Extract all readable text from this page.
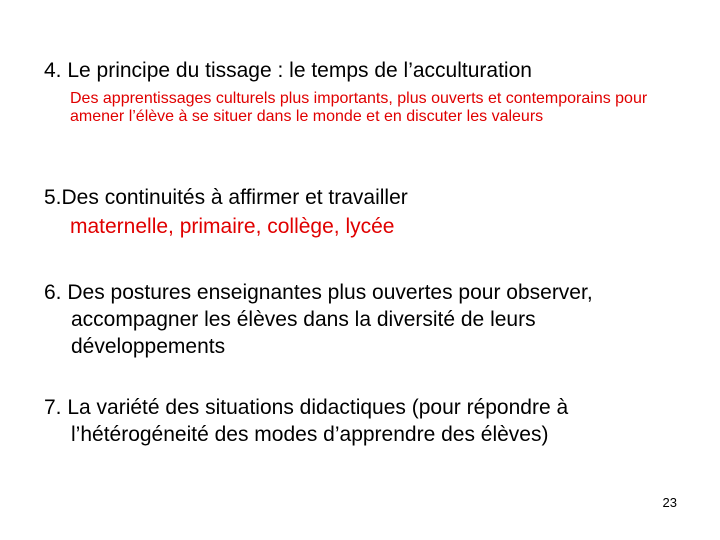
4. Le principe du tissage : le temps de l’acculturation

Des apprentissages culturels plus importants, plus ouverts et contemporains pour amener l’élève à se situer dans le monde et en discuter les valeurs

5.Des continuités à affirmer et travailler

maternelle, primaire, collège, lycée

6. Des postures enseignantes plus ouvertes pour observer, accompagner les élèves dans la diversité de leurs développements

7. La variété des situations didactiques (pour répondre à l’hétérogéneité des modes d’apprendre des élèves)

23
